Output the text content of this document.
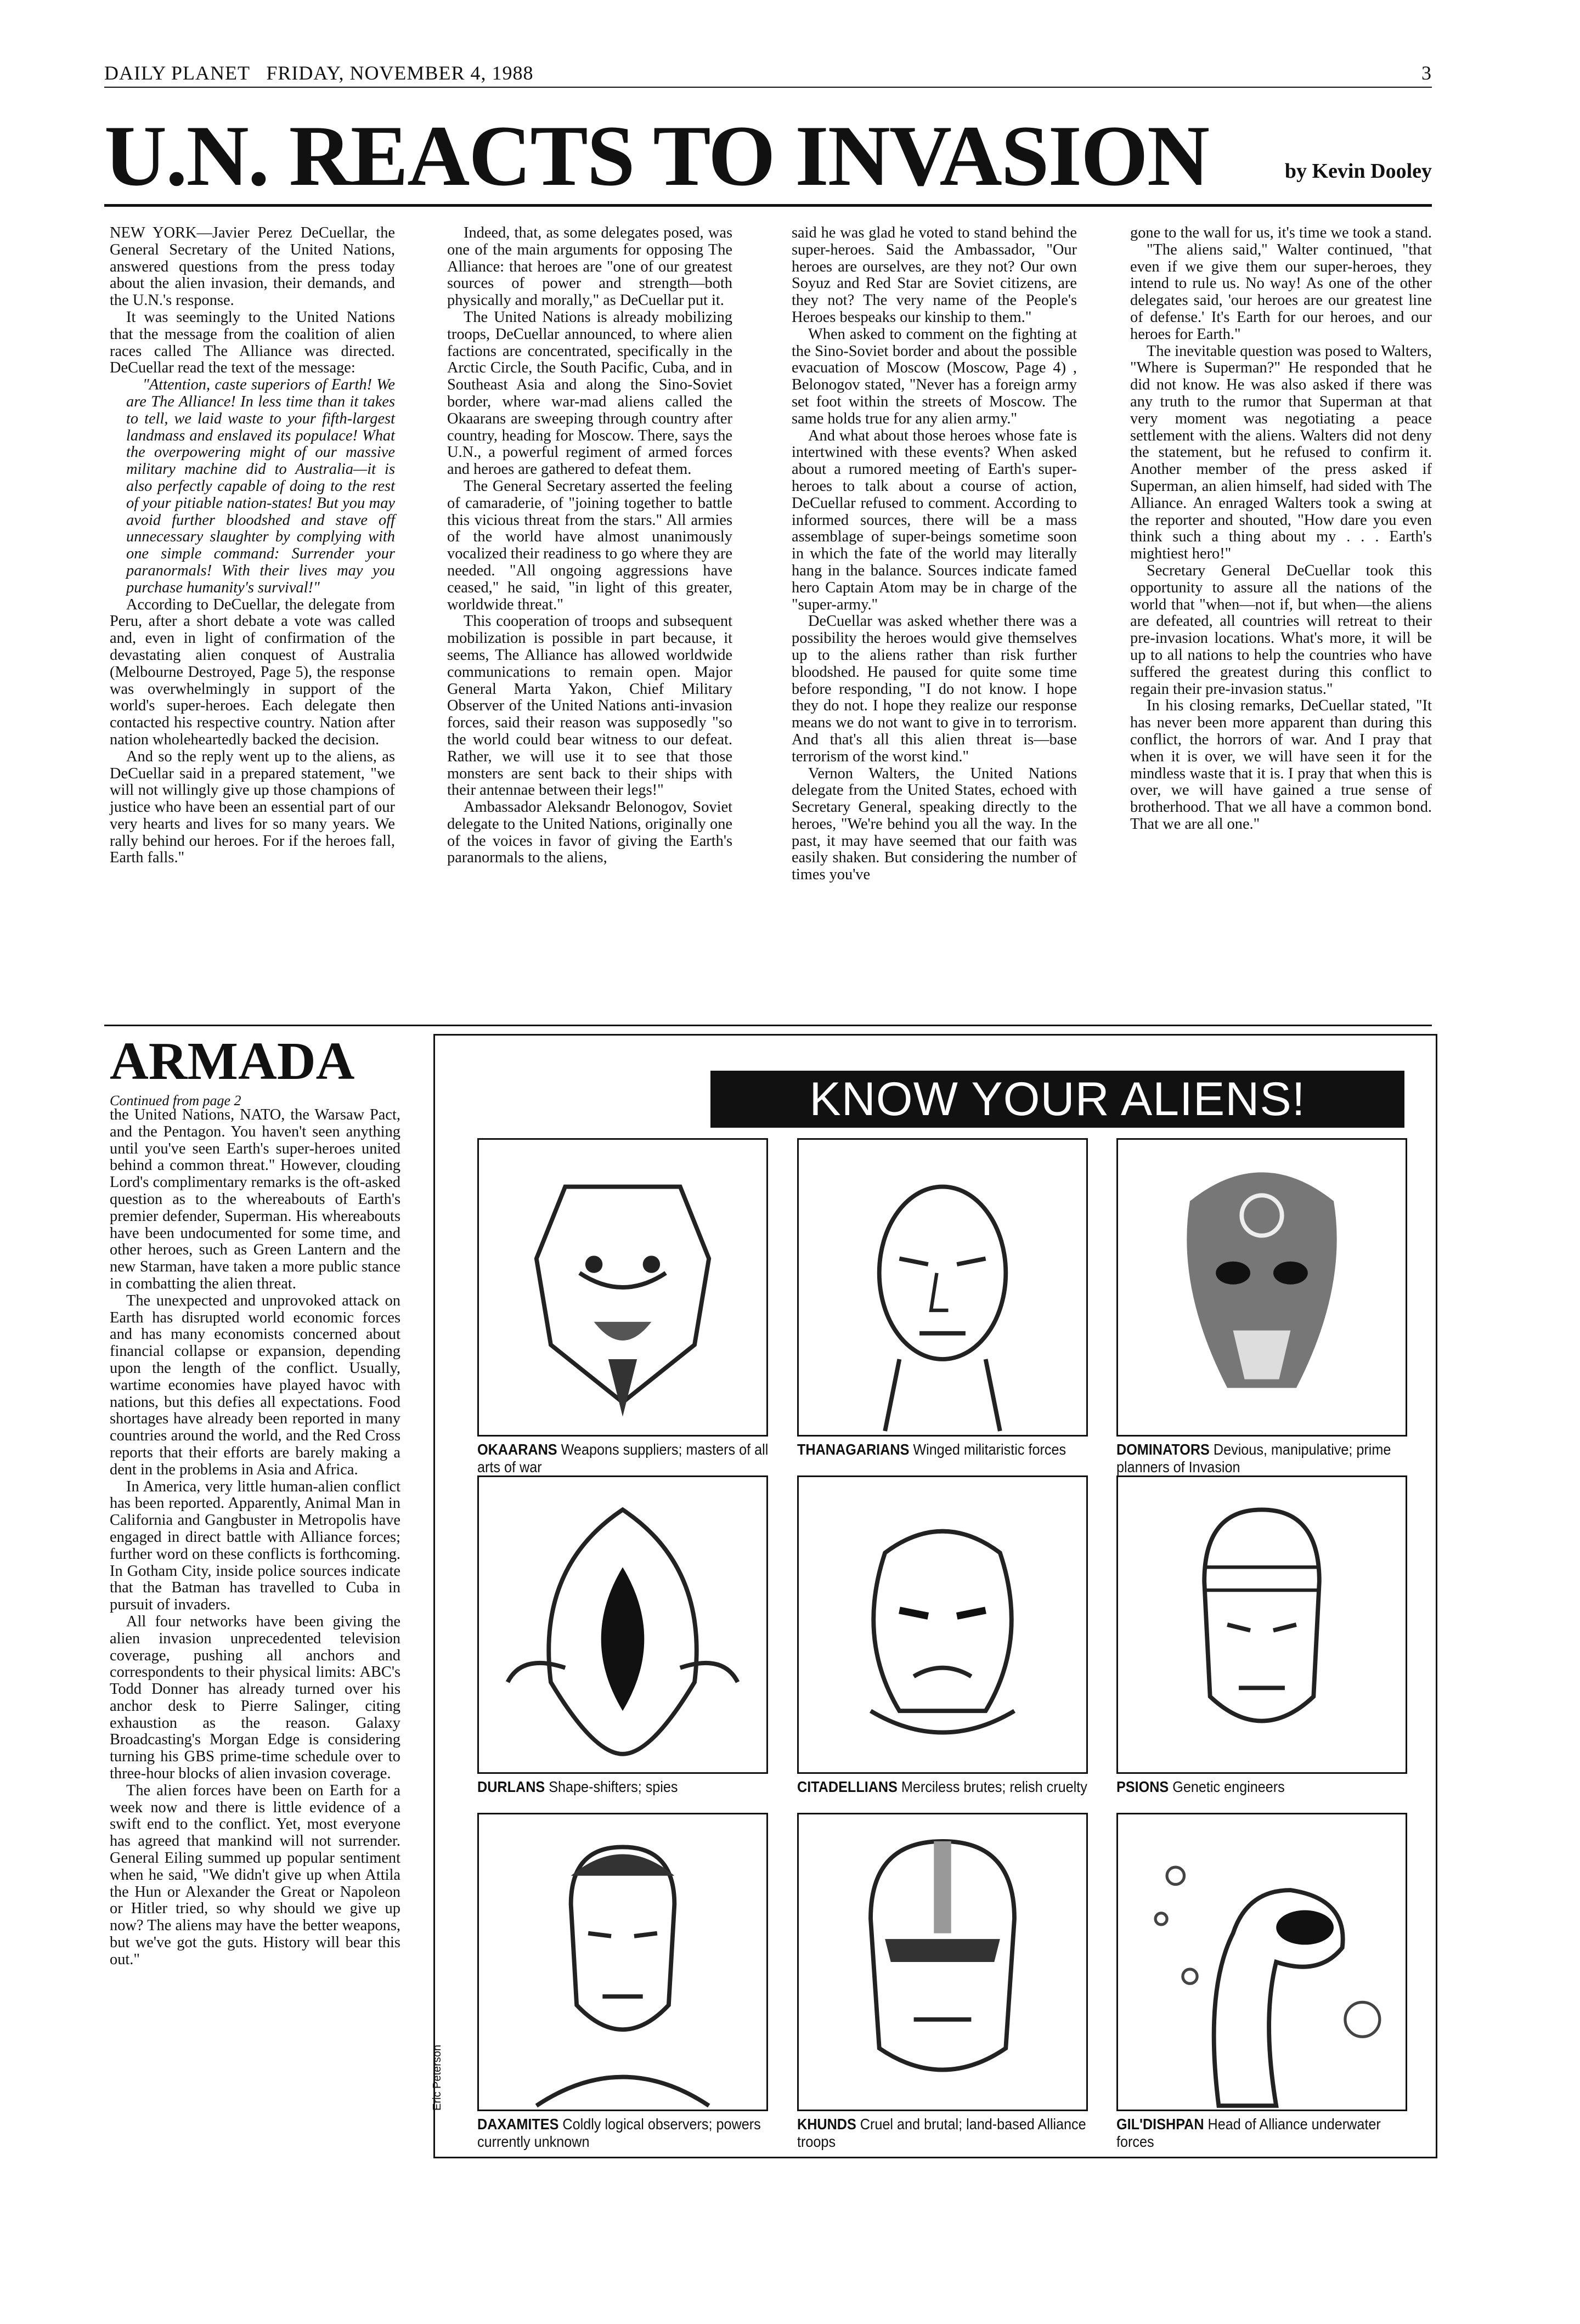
DAILY PLANET   FRIDAY, NOVEMBER 4, 1988	3
U.N. REACTS TO INVASION	by Kevin Dooley

NEW YORK—Javier Perez DeCuellar, the General Secretary of the United Nations, answered questions from the press today about the alien invasion, their demands, and the U.N.'s response.

It was seemingly to the United Nations that the message from the coalition of alien races called The Alliance was directed. DeCuellar read the text of the message:

"Attention, caste superiors of Earth! We are The Alliance! In less time than it takes to tell, we laid waste to your fifth-largest landmass and enslaved its populace! What the overpowering might of our massive military machine did to Australia—it is also perfectly capable of doing to the rest of your pitiable nation-states! But you may avoid further bloodshed and stave off unnecessary slaughter by complying with one simple command: Surrender your paranormals! With their lives may you purchase humanity's survival!"

According to DeCuellar, the delegate from Peru, after a short debate a vote was called and, even in light of confirmation of the devastating alien conquest of Australia (Melbourne Destroyed, Page 5), the response was overwhelmingly in support of the world's super-heroes. Each delegate then contacted his respective country. Nation after nation wholeheartedly backed the decision.

And so the reply went up to the aliens, as DeCuellar said in a prepared statement, "we will not willingly give up those champions of justice who have been an essential part of our very hearts and lives for so many years. We rally behind our heroes. For if the heroes fall, Earth falls."

Indeed, that, as some delegates posed, was one of the main arguments for opposing The Alliance: that heroes are "one of our greatest sources of power and strength—both physically and morally," as DeCuellar put it.

The United Nations is already mobilizing troops, DeCuellar announced, to where alien factions are concentrated, specifically in the Arctic Circle, the South Pacific, Cuba, and in Southeast Asia and along the Sino-Soviet border, where war-mad aliens called the Okaarans are sweeping through country after country, heading for Moscow. There, says the U.N., a powerful regiment of armed forces and heroes are gathered to defeat them.

The General Secretary asserted the feeling of camaraderie, of "joining together to battle this vicious threat from the stars." All armies of the world have almost unanimously vocalized their readiness to go where they are needed. "All ongoing aggressions have ceased," he said, "in light of this greater, worldwide threat."

This cooperation of troops and subsequent mobilization is possible in part because, it seems, The Alliance has allowed worldwide communications to remain open. Major General Marta Yakon, Chief Military Observer of the United Nations anti-invasion forces, said their reason was supposedly "so the world could bear witness to our defeat. Rather, we will use it to see that those monsters are sent back to their ships with their antennae between their legs!"

Ambassador Aleksandr Belonogov, Soviet delegate to the United Nations, originally one of the voices in favor of giving the Earth's paranormals to the aliens,

said he was glad he voted to stand behind the super-heroes. Said the Ambassador, "Our heroes are ourselves, are they not? Our own Soyuz and Red Star are Soviet citizens, are they not? The very name of the People's Heroes bespeaks our kinship to them."

When asked to comment on the fighting at the Sino-Soviet border and about the possible evacuation of Moscow (Moscow, Page 4) , Belonogov stated, "Never has a foreign army set foot within the streets of Moscow. The same holds true for any alien army."

And what about those heroes whose fate is intertwined with these events? When asked about a rumored meeting of Earth's super-heroes to talk about a course of action, DeCuellar refused to comment. According to informed sources, there will be a mass assemblage of super-beings sometime soon in which the fate of the world may literally hang in the balance. Sources indicate famed hero Captain Atom may be in charge of the "super-army."

DeCuellar was asked whether there was a possibility the heroes would give themselves up to the aliens rather than risk further bloodshed. He paused for quite some time before responding, "I do not know. I hope they do not. I hope they realize our response means we do not want to give in to terrorism. And that's all this alien threat is—base terrorism of the worst kind."

Vernon Walters, the United Nations delegate from the United States, echoed with Secretary General, speaking directly to the heroes, "We're behind you all the way. In the past, it may have seemed that our faith was easily shaken. But considering the number of times you've

gone to the wall for us, it's time we took a stand.

"The aliens said," Walter continued, "that even if we give them our super-heroes, they intend to rule us. No way! As one of the other delegates said, 'our heroes are our greatest line of defense.' It's Earth for our heroes, and our heroes for Earth."

The inevitable question was posed to Walters, "Where is Superman?" He responded that he did not know. He was also asked if there was any truth to the rumor that Superman at that very moment was negotiating a peace settlement with the aliens. Walters did not deny the statement, but he refused to confirm it. Another member of the press asked if Superman, an alien himself, had sided with The Alliance. An enraged Walters took a swing at the reporter and shouted, "How dare you even think such a thing about my . . . Earth's mightiest hero!"

Secretary General DeCuellar took this opportunity to assure all the nations of the world that "when—not if, but when—the aliens are defeated, all countries will retreat to their pre-invasion locations. What's more, it will be up to all nations to help the countries who have suffered the greatest during this conflict to regain their pre-invasion status."

In his closing remarks, DeCuellar stated, "It has never been more apparent than during this conflict, the horrors of war. And I pray that when it is over, we will have seen it for the mindless waste that it is. I pray that when this is over, we will have gained a true sense of brotherhood. That we all have a common bond. That we are all one."

ARMADA
Continued from page 2

the United Nations, NATO, the Warsaw Pact, and the Pentagon. You haven't seen anything until you've seen Earth's super-heroes united behind a common threat." However, clouding Lord's complimentary remarks is the oft-asked question as to the whereabouts of Earth's premier defender, Superman. His whereabouts have been undocumented for some time, and other heroes, such as Green Lantern and the new Starman, have taken a more public stance in combatting the alien threat.

The unexpected and unprovoked attack on Earth has disrupted world economic forces and has many economists concerned about financial collapse or expansion, depending upon the length of the conflict. Usually, wartime economies have played havoc with nations, but this defies all expectations. Food shortages have already been reported in many countries around the world, and the Red Cross reports that their efforts are barely making a dent in the problems in Asia and Africa.

In America, very little human-alien conflict has been reported. Apparently, Animal Man in California and Gangbuster in Metropolis have engaged in direct battle with Alliance forces; further word on these conflicts is forthcoming. In Gotham City, inside police sources indicate that the Batman has travelled to Cuba in pursuit of invaders.

All four networks have been giving the alien invasion unprecedented television coverage, pushing all anchors and correspondents to their physical limits: ABC's Todd Donner has already turned over his anchor desk to Pierre Salinger, citing exhaustion as the reason. Galaxy Broadcasting's Morgan Edge is considering turning his GBS prime-time schedule over to three-hour blocks of alien invasion coverage.

The alien forces have been on Earth for a week now and there is little evidence of a swift end to the conflict. Yet, most everyone has agreed that mankind will not surrender. General Eiling summed up popular sentiment when he said, "We didn't give up when Attila the Hun or Alexander the Great or Napoleon or Hitler tried, so why should we give up now? The aliens may have the better weapons, but we've got the guts. History will bear this out."

KNOW YOUR ALIENS!
OKAARANS Weapons suppliers; masters of all arts of war
THANAGARIANS Winged militaristic forces	DOMINATORS Devious, manipulative; prime planners of Invasion
DURLANS Shape-shifters; spies	CITADELLIANS Merciless brutes; relish cruelty PSIONS Genetic engineers
DAXAMITES Coldly logical observers; powers currently unknown
KHUNDS Cruel and brutal; land-based Alliance troops
GIL'DISHPAN Head of Alliance underwater forces
Eric Peterson
